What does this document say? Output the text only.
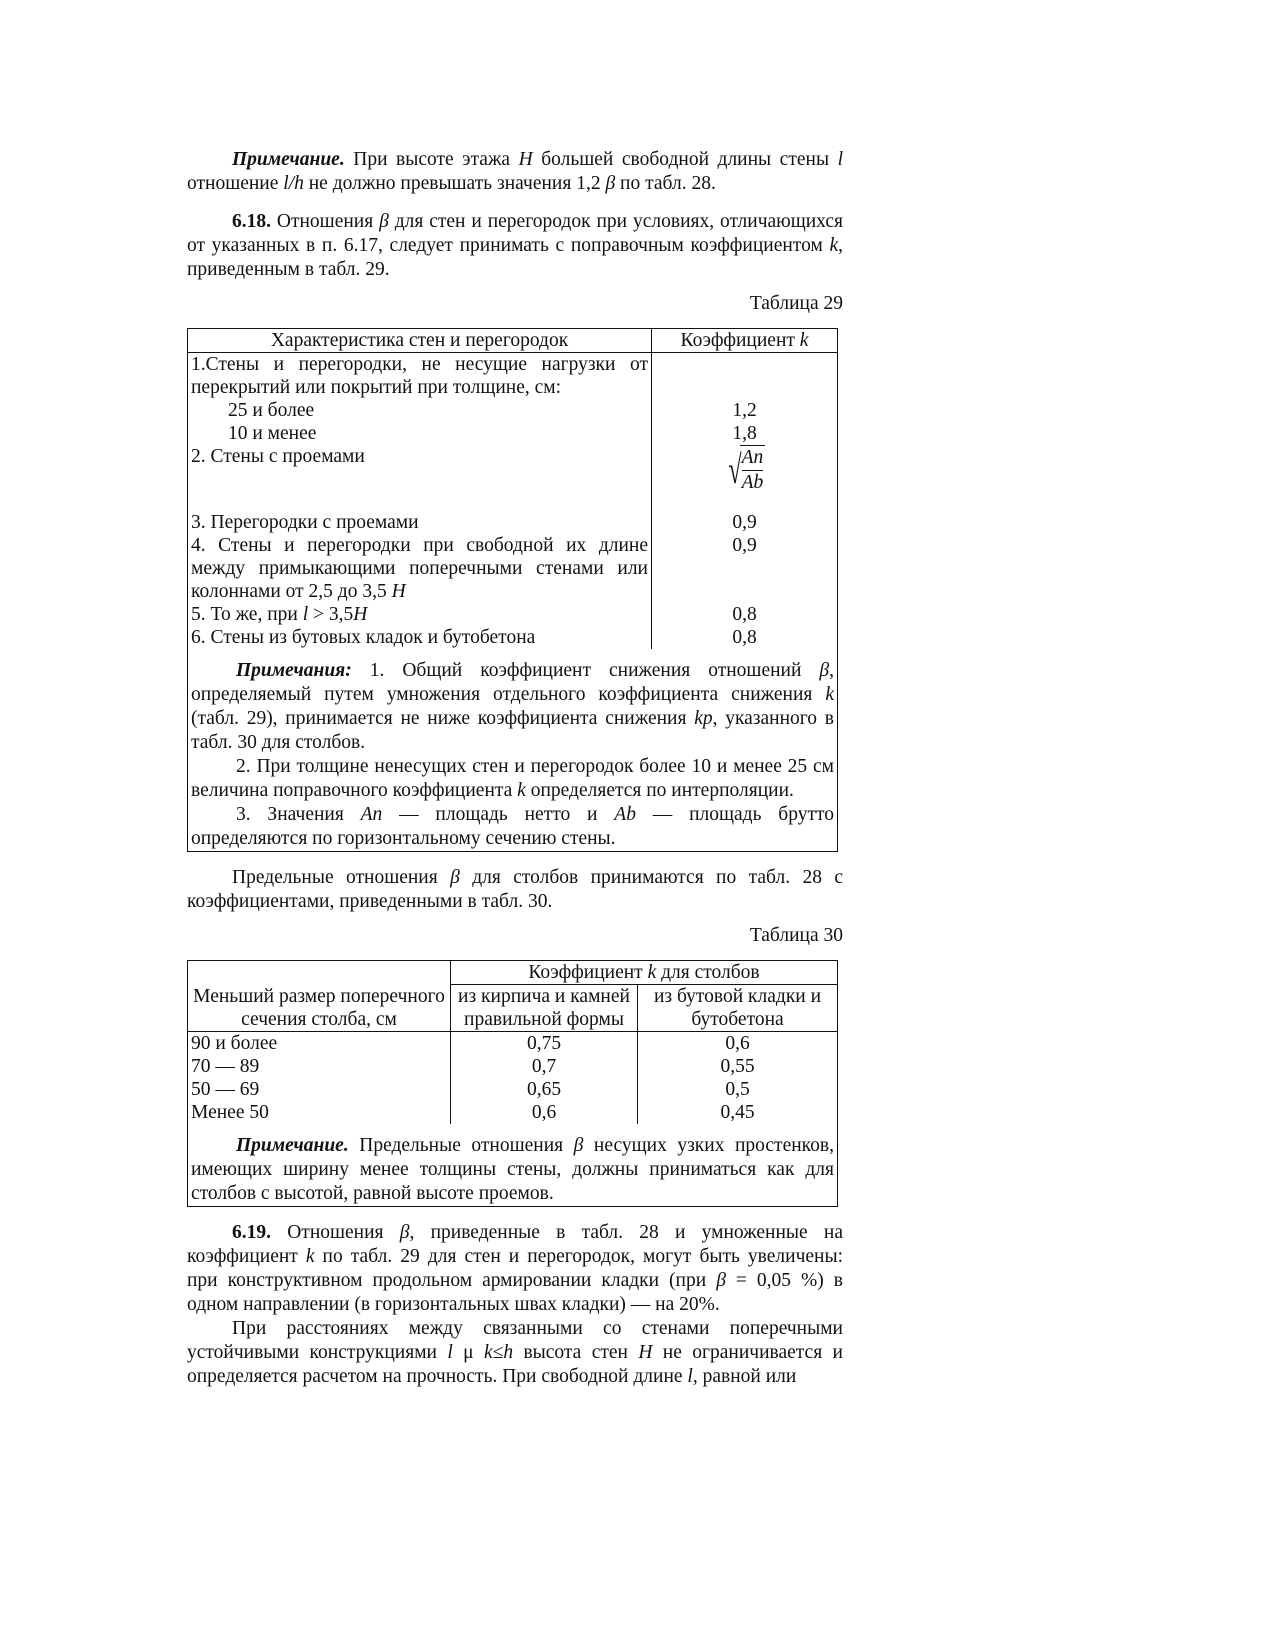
Примечание. При высоте этажа H большей свободной длины стены l отношение l/h не должно превышать значения 1,2 β по табл. 28.

6.18. Отношения β для стен и перегородок при условиях, отличающихся от указанных в п. 6.17, следует принимать с поправочным коэффициентом k, приведенным в табл. 29.

Таблица 29
Характеристика стен и перегородок	Коэффициент k
1.Стены и перегородки, не несущие нагрузки от перекрытий или покрытий при толщине, см:	
25 и более	1,2
10 и менее	1,8
2. Стены с проемами	√ $\frac{An}{Ab}$

3. Перегородки с проемами	0,9
4. Стены и перегородки при свободной их длине между примыкающими поперечными стенами или колоннами от 2,5 до 3,5 H	0,9
5. То же, при l > 3,5H	0,8
6. Стены из бутовых кладок и бутобетона	0,8

Примечания: 1. Общий коэффициент снижения отношений β, определяемый путем умножения отдельного коэффициента снижения k (табл. 29), принимается не ниже коэффициента снижения kp, указанного в табл. 30 для столбов.

2. При толщине ненесущих стен и перегородок более 10 и менее 25 см величина поправочного коэффициента k определяется по интерполяции.

3. Значения An — площадь нетто и Ab — площадь брутто определяются по горизонтальному сечению стены.	

Предельные отношения β для столбов принимаются по табл. 28 с коэффициентами, приведенными в табл. 30.

Таблица 30
Меньший размер поперечного сечения столба, см	Коэффициент k для столбов	
	из кирпича и камней правильной формы	из бутовой кладки и бутобетона
90 и более	0,75	0,6
70 — 89	0,7	0,55
50 — 69	0,65	0,5
Менее 50	0,6	0,45

Примечание. Предельные отношения β несущих узких простенков, имеющих ширину менее толщины стены, должны приниматься как для столбов с высотой, равной высоте проемов.		

6.19. Отношения β, приведенные в табл. 28 и умноженные на коэффициент k по табл. 29 для стен и перегородок, могут быть увеличены: при конструктивном продольном армировании кладки (при β = 0,05 %) в одном направлении (в горизонтальных швах кладки) — на 20%.

При расстояниях между связанными со стенами поперечными устойчивыми конструкциями l μ k≤h высота стен H не ограничивается и определяется расчетом на прочность. При свободной длине l, равной или
